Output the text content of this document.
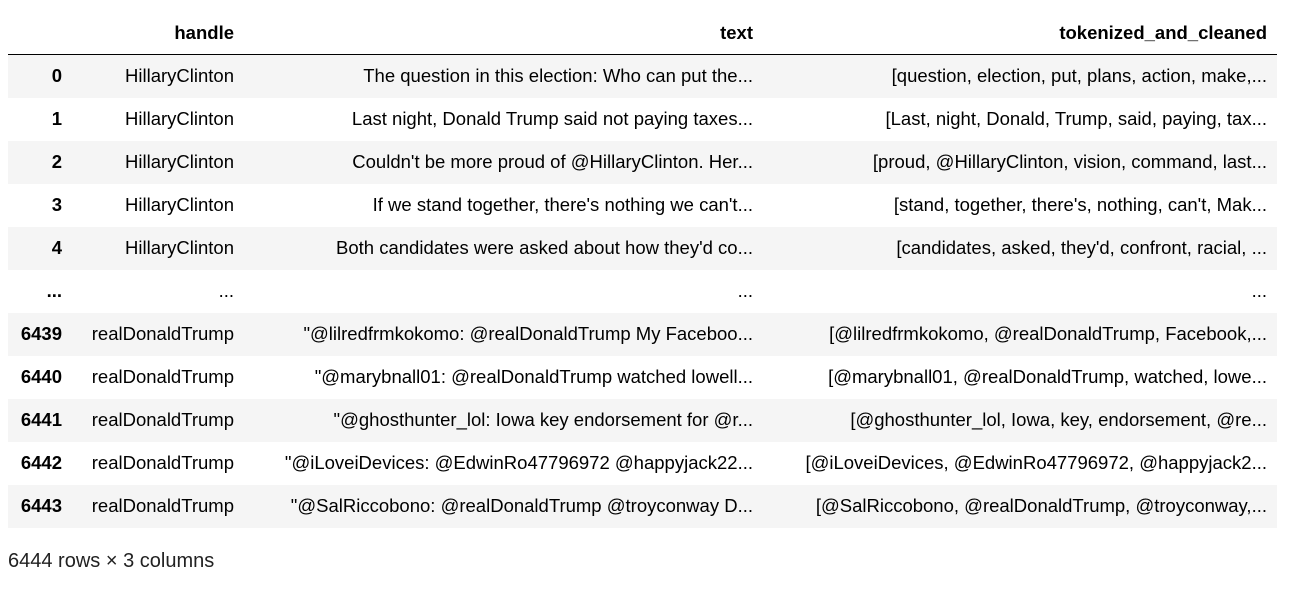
	handle	text	tokenized_and_cleaned
0	HillaryClinton	The question in this election: Who can put the...	[question, election, put, plans, action, make,...
1	HillaryClinton	Last night, Donald Trump said not paying taxes...	[Last, night, Donald, Trump, said, paying, tax...
2	HillaryClinton	Couldn't be more proud of @HillaryClinton. Her...	[proud, @HillaryClinton, vision, command, last...
3	HillaryClinton	If we stand together, there's nothing we can't...	[stand, together, there's, nothing, can't, Mak...
4	HillaryClinton	Both candidates were asked about how they'd co...	[candidates, asked, they'd, confront, racial, ...
...	...	...	...
6439	realDonaldTrump	"@lilredfrmkokomo: @realDonaldTrump My Faceboo...	[@lilredfrmkokomo, @realDonaldTrump, Facebook,...
6440	realDonaldTrump	"@marybnall01: @realDonaldTrump watched lowell...	[@marybnall01, @realDonaldTrump, watched, lowe...
6441	realDonaldTrump	"@ghosthunter_lol: Iowa key endorsement for @r...	[@ghosthunter_lol, Iowa, key, endorsement, @re...
6442	realDonaldTrump	"@iLoveiDevices: @EdwinRo47796972 @happyjack22...	[@iLoveiDevices, @EdwinRo47796972, @happyjack2...
6443	realDonaldTrump	"@SalRiccobono: @realDonaldTrump @troyconway D...	[@SalRiccobono, @realDonaldTrump, @troyconway,...
6444 rows × 3 columns
